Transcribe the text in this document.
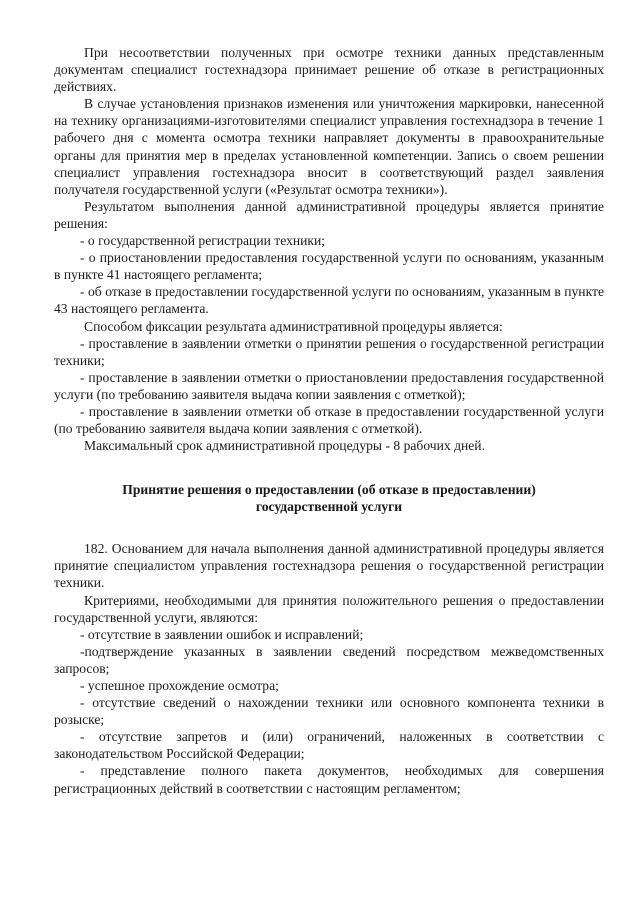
При несоответствии полученных при осмотре техники данных представленным документам специалист гостехнадзора принимает решение об отказе в регистрационных действиях.

В случае установления признаков изменения или уничтожения маркировки, нанесенной на технику организациями-изготовителями специалист управления гостехнадзора в течение 1 рабочего дня с момента осмотра техники направляет документы в правоохранительные органы для принятия мер в пределах установленной компетенции. Запись о своем решении специалист управления гостехнадзора вносит в соответствующий раздел заявления получателя государственной услуги («Результат осмотра техники»).

Результатом выполнения данной административной процедуры является принятие решения:

- о государственной регистрации техники;

- о приостановлении предоставления государственной услуги по основаниям, указанным в пункте 41 настоящего регламента;

- об отказе в предоставлении государственной услуги по основаниям, указанным в пункте 43 настоящего регламента.

Способом фиксации результата административной процедуры является:

- проставление в заявлении отметки о принятии решения о государственной регистрации техники;

- проставление в заявлении отметки о приостановлении предоставления государственной услуги (по требованию заявителя выдача копии заявления с отметкой);

- проставление в заявлении отметки об отказе в предоставлении государственной услуги (по требованию заявителя выдача копии заявления с отметкой).

Максимальный срок административной процедуры - 8 рабочих дней.

Принятие решения о предоставлении (об отказе в предоставлении)
государственной услуги

182. Основанием для начала выполнения данной административной процедуры является принятие специалистом управления гостехнадзора решения о государственной регистрации техники.

Критериями, необходимыми для принятия положительного решения о предоставлении государственной услуги, являются:

- отсутствие в заявлении ошибок и исправлений;

-подтверждение указанных в заявлении сведений посредством межведомственных запросов;

- успешное прохождение осмотра;

- отсутствие сведений о нахождении техники или основного компонента техники в розыске;

- отсутствие запретов и (или) ограничений, наложенных в соответствии с законодательством Российской Федерации;

- представление полного пакета документов, необходимых для совершения регистрационных действий в соответствии с настоящим регламентом;
